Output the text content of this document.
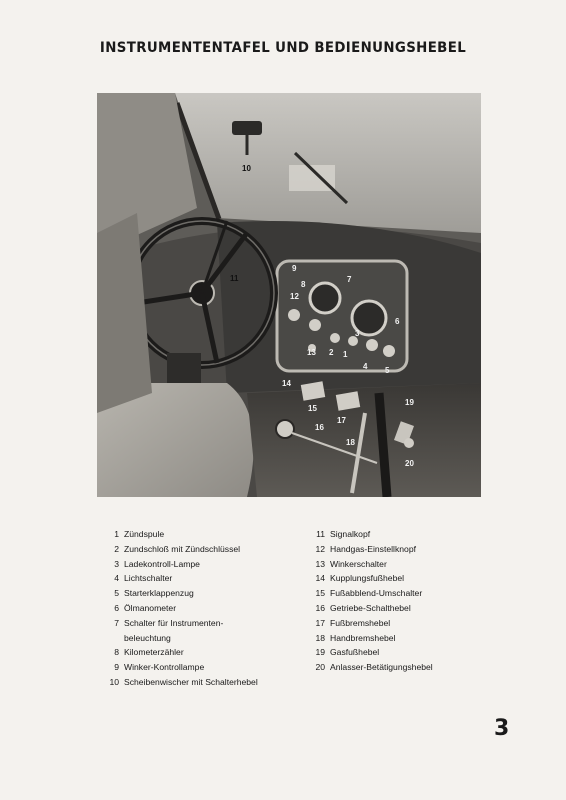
INSTRUMENTENTAFEL UND BEDIENUNGSHEBEL
10
11
9
8
7
12
6
3
13 2 1
4 5
14
15
16
17
18
19
20
1 Zündspule
2 Zundschloß mit Zündschlüssel
3 Ladekontroll-Lampe
4 Lichtschalter
5 Starterklappenzug
6 Ölmanometer
7 Schalter für Instrumenten-
beleuchtung
8 Kilometerzähler
9 Winker-Kontrollampe
10 Scheibenwischer mit Schalterhebel
11 Signalkopf
12 Handgas-Einstellknopf
13 Winkerschalter
14 Kupplungsfußhebel
15 Fußabblend-Umschalter
16 Getriebe-Schalthebel
17 Fußbremshebel
18 Handbremshebel
19 Gasfußhebel
20 Anlasser-Betätigungshebel
3
